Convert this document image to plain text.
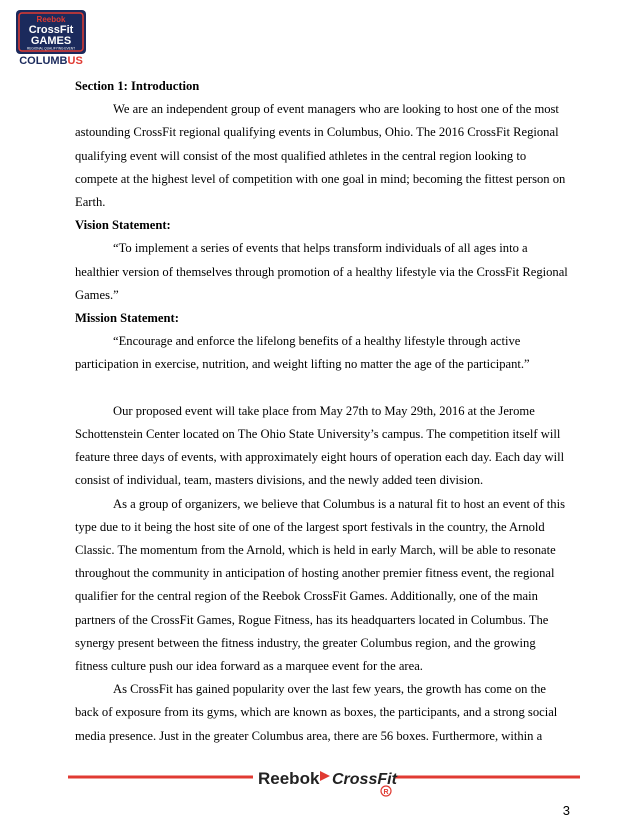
Reebok
CrossFit
GAMES
REGIONAL QUALIFYING EVENT
COLUMBUS

Section 1: Introduction

We are an independent group of event managers who are looking to host one of the most astounding CrossFit regional qualifying events in Columbus, Ohio. The 2016 CrossFit Regional qualifying event will consist of the most qualified athletes in the central region looking to compete at the highest level of competition with one goal in mind; becoming the fittest person on Earth.

Vision Statement:

“To implement a series of events that helps transform individuals of all ages into a healthier version of themselves through promotion of a healthy lifestyle via the CrossFit Regional Games.”

Mission Statement:

“Encourage and enforce the lifelong benefits of a healthy lifestyle through active participation in exercise, nutrition, and weight lifting no matter the age of the participant.”

Our proposed event will take place from May 27th to May 29th, 2016 at the Jerome Schottenstein Center located on The Ohio State University’s campus. The competition itself will feature three days of events, with approximately eight hours of operation each day. Each day will consist of individual, team, masters divisions, and the newly added teen division.

As a group of organizers, we believe that Columbus is a natural fit to host an event of this type due to it being the host site of one of the largest sport festivals in the country, the Arnold Classic. The momentum from the Arnold, which is held in early March, will be able to resonate throughout the community in anticipation of hosting another premier fitness event, the regional qualifier for the central region of the Reebok CrossFit Games. Additionally, one of the main partners of the CrossFit Games, Rogue Fitness, has its headquarters located in Columbus. The synergy present between the fitness industry, the greater Columbus region, and the growing fitness culture push our idea forward as a marquee event for the area.

As CrossFit has gained popularity over the last few years, the growth has come on the back of exposure from its gyms, which are known as boxes, the participants, and a strong social media presence. Just in the greater Columbus area, there are 56 boxes. Furthermore, within a

Reebok CrossFit
R
3
